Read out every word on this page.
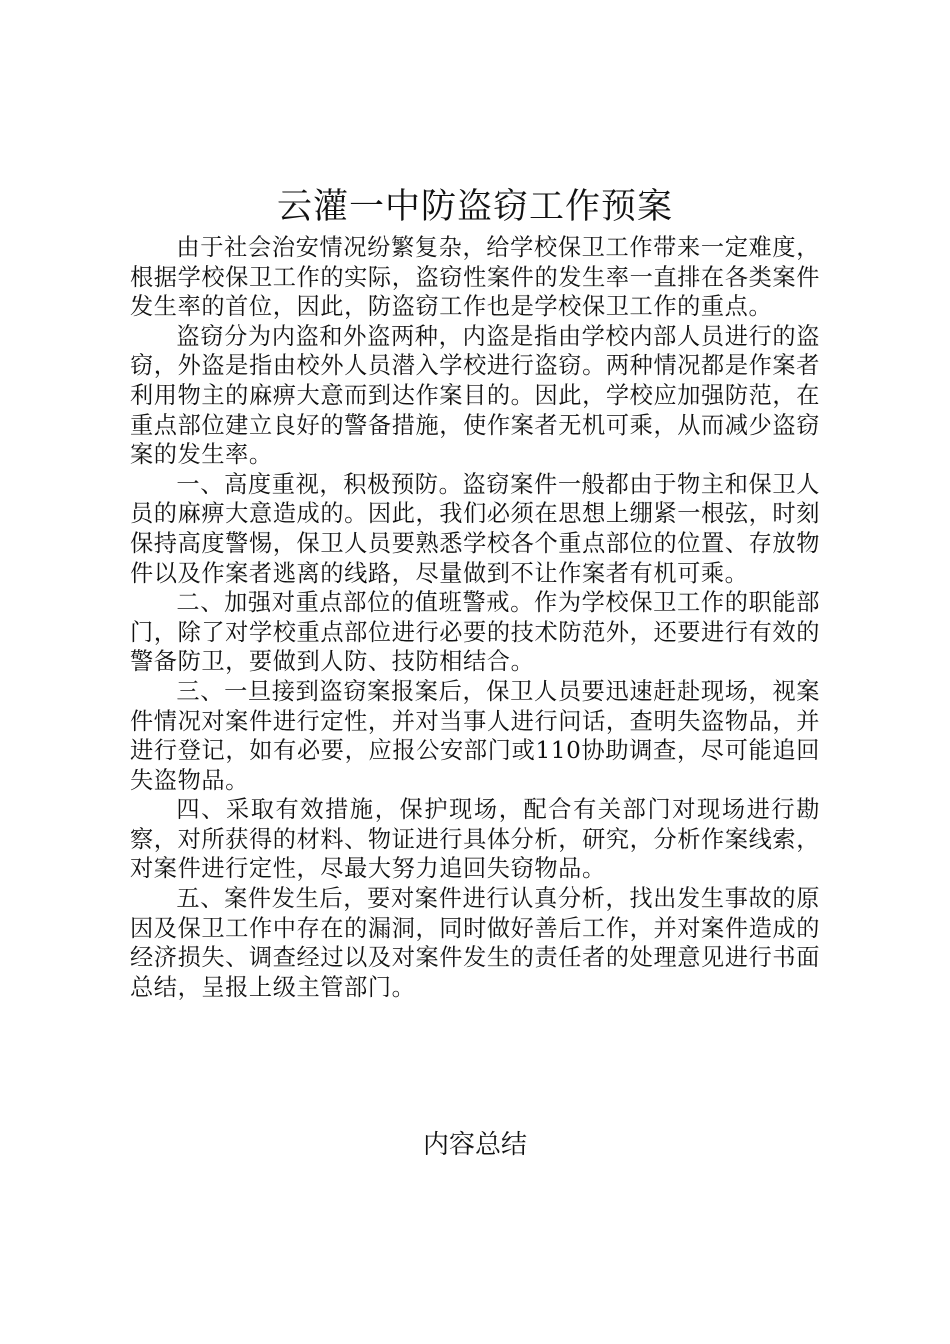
云灌一中防盗窃工作预案

由于社会治安情况纷繁复杂，给学校保卫工作带来一定难度，根据学校保卫工作的实际，盗窃性案件的发生率一直排在各类案件发生率的首位，因此，防盗窃工作也是学校保卫工作的重点。

盗窃分为内盗和外盗两种，内盗是指由学校内部人员进行的盗窃，外盗是指由校外人员潜入学校进行盗窃。两种情况都是作案者利用物主的麻痹大意而到达作案目的。因此，学校应加强防范，在重点部位建立良好的警备措施，使作案者无机可乘，从而减少盗窃案的发生率。

一、高度重视，积极预防。盗窃案件一般都由于物主和保卫人员的麻痹大意造成的。因此，我们必须在思想上绷紧一根弦，时刻保持高度警惕，保卫人员要熟悉学校各个重点部位的位置、存放物件以及作案者逃离的线路，尽量做到不让作案者有机可乘。

二、加强对重点部位的值班警戒。作为学校保卫工作的职能部门，除了对学校重点部位进行必要的技术防范外，还要进行有效的警备防卫，要做到人防、技防相结合。

三、一旦接到盗窃案报案后，保卫人员要迅速赶赴现场，视案件情况对案件进行定性，并对当事人进行问话，查明失盗物品，并进行登记，如有必要，应报公安部门或110协助调查，尽可能追回失盗物品。

四、采取有效措施，保护现场，配合有关部门对现场进行勘察，对所获得的材料、物证进行具体分析，研究，分析作案线索，对案件进行定性，尽最大努力追回失窃物品。

五、案件发生后，要对案件进行认真分析，找出发生事故的原因及保卫工作中存在的漏洞，同时做好善后工作，并对案件造成的经济损失、调查经过以及对案件发生的责任者的处理意见进行书面总结，呈报上级主管部门。

内容总结
